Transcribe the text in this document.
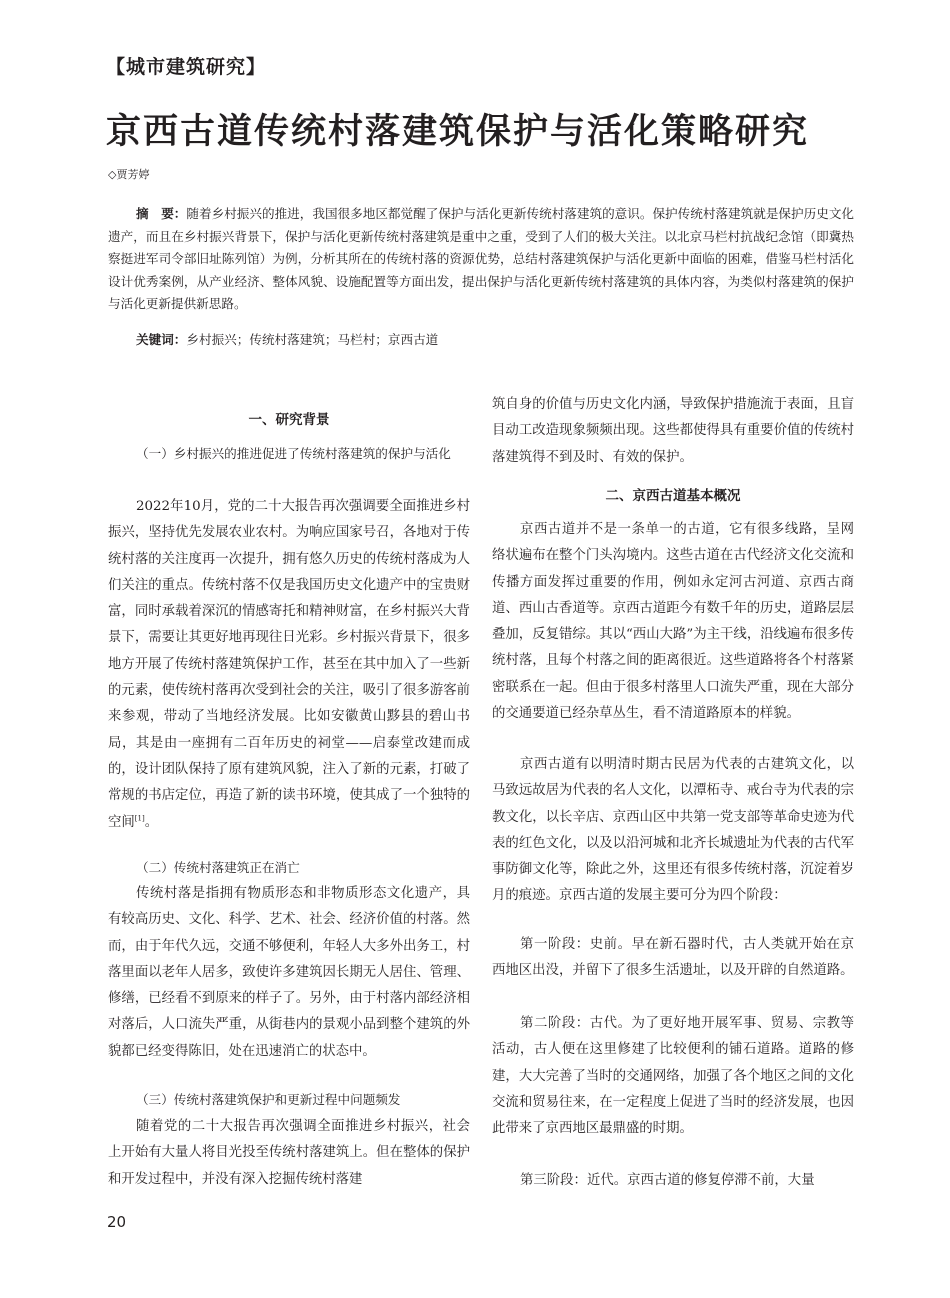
【城市建筑研究】
京西古道传统村落建筑保护与活化策略研究
◇贾芳婷
摘　要：随着乡村振兴的推进，我国很多地区都觉醒了保护与活化更新传统村落建筑的意识。保护传统村落建筑就是保护历史文化遗产，而且在乡村振兴背景下，保护与活化更新传统村落建筑是重中之重，受到了人们的极大关注。以北京马栏村抗战纪念馆（即冀热察挺进军司令部旧址陈列馆）为例，分析其所在的传统村落的资源优势，总结村落建筑保护与活化更新中面临的困难，借鉴马栏村活化设计优秀案例，从产业经济、整体风貌、设施配置等方面出发，提出保护与活化更新传统村落建筑的具体内容，为类似村落建筑的保护与活化更新提供新思路。
关键词：乡村振兴；传统村落建筑；马栏村；京西古道
一、研究背景
（一）乡村振兴的推进促进了传统村落建筑的保护与活化

2022年10月，党的二十大报告再次强调要全面推进乡村振兴，坚持优先发展农业农村。为响应国家号召，各地对于传统村落的关注度再一次提升，拥有悠久历史的传统村落成为人们关注的重点。传统村落不仅是我国历史文化遗产中的宝贵财富，同时承载着深沉的情感寄托和精神财富，在乡村振兴大背景下，需要让其更好地再现往日光彩。乡村振兴背景下，很多地方开展了传统村落建筑保护工作，甚至在其中加入了一些新的元素，使传统村落再次受到社会的关注，吸引了很多游客前来参观，带动了当地经济发展。比如安徽黄山黟县的碧山书局，其是由一座拥有二百年历史的祠堂——启泰堂改建而成的，设计团队保持了原有建筑风貌，注入了新的元素，打破了常规的书店定位，再造了新的读书环境，使其成了一个独特的空间[1]。

（二）传统村落建筑正在消亡
传统村落是指拥有物质形态和非物质形态文化遗产，具有较高历史、文化、科学、艺术、社会、经济价值的村落。然而，由于年代久远，交通不够便利，年轻人大多外出务工，村落里面以老年人居多，致使许多建筑因长期无人居住、管理、修缮，已经看不到原来的样子了。另外，由于村落内部经济相对落后，人口流失严重，从街巷内的景观小品到整个建筑的外貌都已经变得陈旧，处在迅速消亡的状态中。
（三）传统村落建筑保护和更新过程中问题频发
随着党的二十大报告再次强调全面推进乡村振兴，社会上开始有大量人将目光投至传统村落建筑上。但在整体的保护和开发过程中，并没有深入挖掘传统村落建
筑自身的价值与历史文化内涵，导致保护措施流于表面，且盲目动工改造现象频频出现。这些都使得具有重要价值的传统村落建筑得不到及时、有效的保护。
二、京西古道基本概况
京西古道并不是一条单一的古道，它有很多线路，呈网络状遍布在整个门头沟境内。这些古道在古代经济文化交流和传播方面发挥过重要的作用，例如永定河古河道、京西古商道、西山古香道等。京西古道距今有数千年的历史，道路层层叠加，反复错综。其以“西山大路”为主干线，沿线遍布很多传统村落，且每个村落之间的距离很近。这些道路将各个村落紧密联系在一起。但由于很多村落里人口流失严重，现在大部分的交通要道已经杂草丛生，看不清道路原本的样貌。
京西古道有以明清时期古民居为代表的古建筑文化，以马致远故居为代表的名人文化，以潭柘寺、戒台寺为代表的宗教文化，以长辛店、京西山区中共第一党支部等革命史迹为代表的红色文化，以及以沿河城和北齐长城遗址为代表的古代军事防御文化等，除此之外，这里还有很多传统村落，沉淀着岁月的痕迹。京西古道的发展主要可分为四个阶段：
第一阶段：史前。早在新石器时代，古人类就开始在京西地区出没，并留下了很多生活遗址，以及开辟的自然道路。
第二阶段：古代。为了更好地开展军事、贸易、宗教等活动，古人便在这里修建了比较便利的铺石道路。道路的修建，大大完善了当时的交通网络，加强了各个地区之间的文化交流和贸易往来，在一定程度上促进了当时的经济发展，也因此带来了京西地区最鼎盛的时期。
第三阶段：近代。京西古道的修复停滞不前，大量
20
